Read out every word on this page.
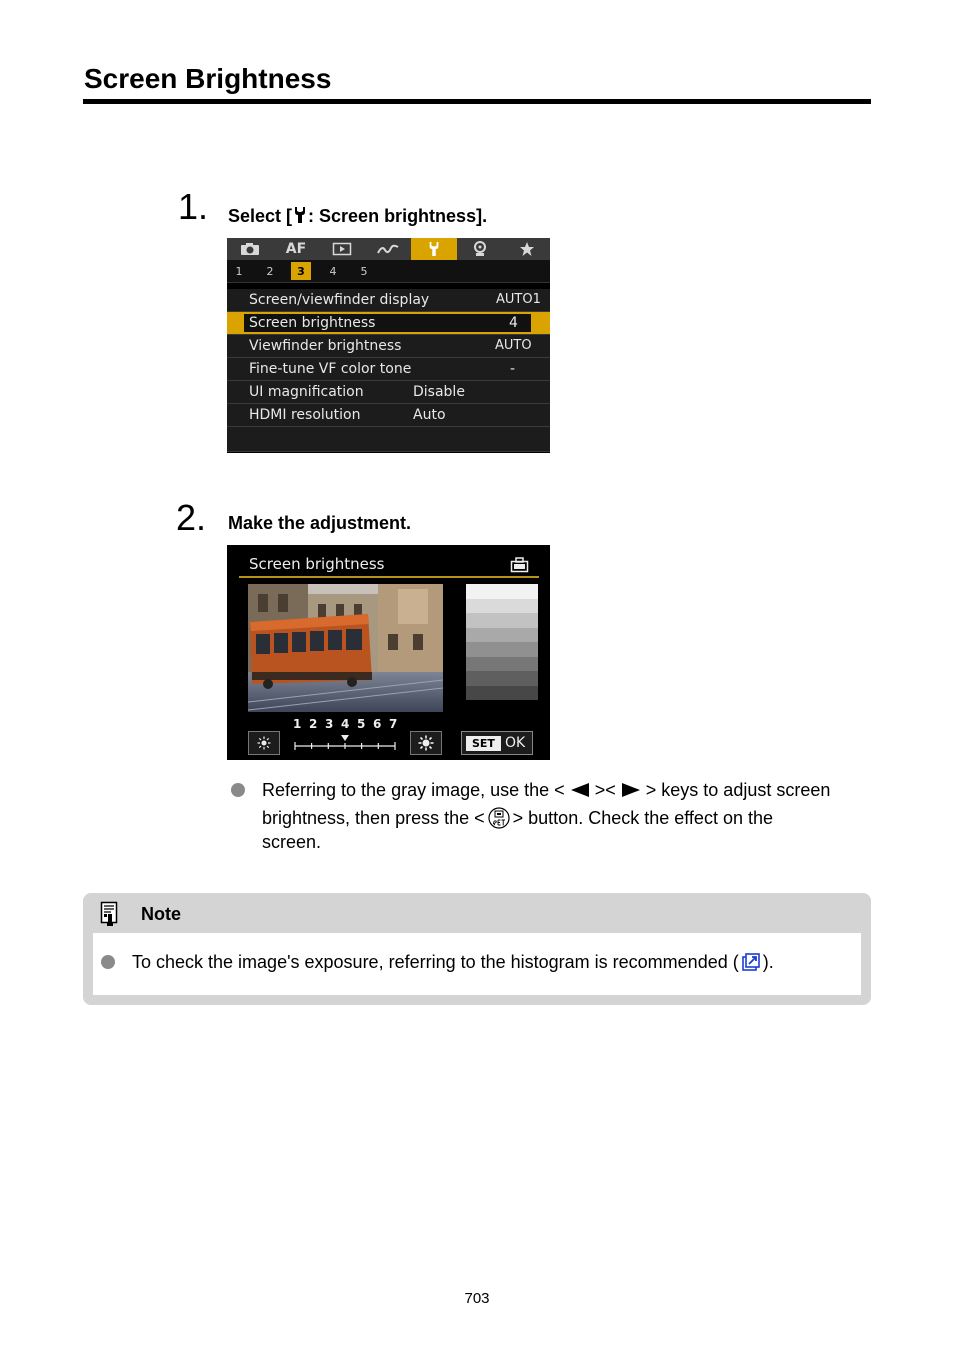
Screen Brightness
1. Select [ : Screen brightness].
AF
1	2	3	4	5
Screen/viewfinder display	AUTO1
Screen brightness	4
Viewfinder brightness	AUTO
Fine-tune VF color tone	-
UI magnification	Disable
HDMI resolution	Auto
2. Make the adjustment.
Screen brightness
1 2 3 4 5 6 7
SET OK
Referring to the gray image, use the < >< > keys to adjust screen
brightness, then press the < > button. Check the effect on the
screen.
Note
To check the image's exposure, referring to the histogram is recommended ( ).
703
